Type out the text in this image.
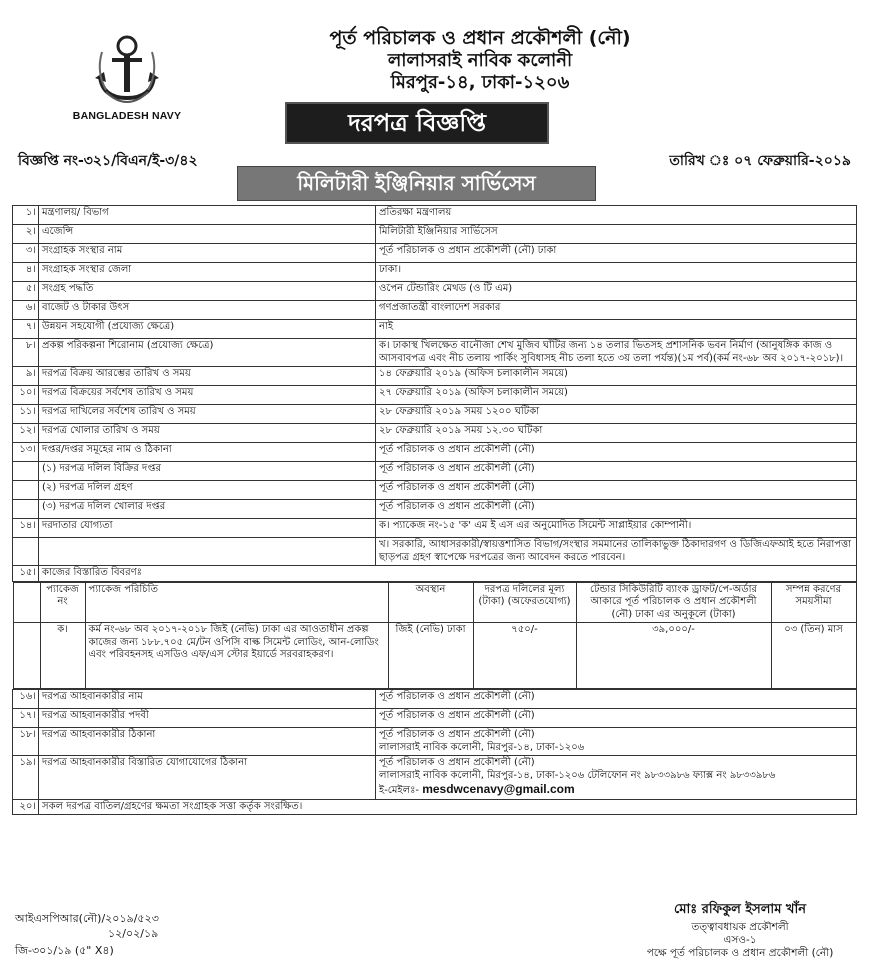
BANGLADESH NAVY
পূর্ত পরিচালক ও প্রধান প্রকৌশলী (নৌ)
লালাসরাই নাবিক কলোনী
মিরপুর-১৪, ঢাকা-১২০৬
দরপত্র বিজ্ঞপ্তি
বিজ্ঞপ্তি নং-৩২১/বিএন/ই-৩/৪২	তারিখ ঃ ০৭ ফেব্রুয়ারি-২০১৯
মিলিটারী ইঞ্জিনিয়ার সার্ভিসেস
১।	মন্ত্রণালয়/ বিভাগ	প্রতিরক্ষা মন্ত্রণালয়
২।	এজেন্সি	মিলিটারী ইঞ্জিনিয়ার সার্ভিসেস
৩।	সংগ্রাহক সংস্থার নাম	পূর্ত পরিচালক ও প্রধান প্রকৌশলী (নৌ) ঢাকা
৪।	সংগ্রাহক সংস্থার জেলা	ঢাকা।
৫।	সংগ্রহ পদ্ধতি	ওপেন টেন্ডারিং মেথড (ও টি এম)
৬।	বাজেট ও টাকার উৎস	গণপ্রজাতন্ত্রী বাংলাদেশ সরকার
৭।	উন্নয়ন সহযোগী (প্রযোজ্য ক্ষেত্রে)	নাই
৮।	প্রকল্প পরিকল্পনা শিরোনাম (প্রযোজ্য ক্ষেত্রে)	ক। ঢাকাস্থ খিলক্ষেত বানৌজা শেখ মুজিব ঘাঁটির জন্য ১৪ তলার ভিতসহ প্রশাসনিক ভবন নির্মাণ (আনুষঙ্গিক কাজ ও আসবাবপত্র এবং নীচ তলায় পার্কিং সুবিধাসহ নীচ তলা হতে ৩য় তলা পর্যন্ত)(১ম পর্ব)(কর্ম নং-৬৮ অব ২০১৭-২০১৮)।
৯।	দরপত্র বিক্রয় আরম্ভের তারিখ ও সময়	১৪ ফেব্রুয়ারি ২০১৯ (অফিস চলাকালীন সময়ে)
১০।	দরপত্র বিক্রয়ের সর্বশেষ তারিখ ও সময়	২৭ ফেব্রুয়ারি ২০১৯ (অফিস চলাকালীন সময়ে)
১১।	দরপত্র দাখিলের সর্বশেষ তারিখ ও সময়	২৮ ফেব্রুয়ারি ২০১৯ সময় ১২০০ ঘটিকা
১২।	দরপত্র খোলার তারিখ ও সময়	২৮ ফেব্রুয়ারি ২০১৯ সময় ১২.৩০ ঘটিকা
১৩।	দপ্তর/দপ্তর সমূহের নাম ও ঠিকানা	পূর্ত পরিচালক ও প্রধান প্রকৌশলী (নৌ)
	(১) দরপত্র দলিল বিক্রির দপ্তর	পূর্ত পরিচালক ও প্রধান প্রকৌশলী (নৌ)
	(২) দরপত্র দলিল গ্রহণ	পূর্ত পরিচালক ও প্রধান প্রকৌশলী (নৌ)
	(৩) দরপত্র দলিল খোলার দপ্তর	পূর্ত পরিচালক ও প্রধান প্রকৌশলী (নৌ)
১৪।	দরদাতার যোগ্যতা	ক। প্যাকেজ নং-১৫ 'ক' এম ই এস এর অনুমোদিত সিমেন্ট সাপ্লাইয়ার কোম্পানী।
		খ। সরকারি, আধাসরকারী/স্বায়ত্তশাসিত বিভাগ/সংস্থার সমমানের তালিকাভুক্ত ঠিকাদারগণ ও ডিজিএফআই হতে নিরাপত্তা ছাড়পত্র গ্রহণ স্বাপেক্ষে দরপত্রের জন্য আবেদন করতে পারবেন।
১৫।	কাজের বিস্তারিত বিবরণঃ

	প্যাকেজ নং	প্যাকেজ পরিচিতি	অবস্থান	দরপত্র দলিলের মূল্য (টাকা) (অফেরতযোগ্য)	টেন্ডার সিকিউরিটি ব্যাংক ড্রাফট/পে-অর্ডার আকারে পূর্ত পরিচালক ও প্রধান প্রকৌশলী (নৌ) ঢাকা এর অনুকূলে (টাকা)	সম্পন্ন করণের সময়সীমা
	ক।	কর্ম নং-৬৮ অব ২০১৭-২০১৮ জিই (নেভি) ঢাকা এর আওতাধীন প্রকল্প কাজের জন্য ১৮৮.৭০৫ মে/টন ওপিসি বাল্ক সিমেন্ট লোডিং, আন-লোডিং এবং পরিবহনসহ এসডিও এফ/এস স্টোর ইয়ার্ডে সরবরাহকরণ।	জিই (নেভি) ঢাকা	৭৫০/-	৩৯,০০০/-	০৩ (তিন) মাস

১৬।	দরপত্র আহবানকারীর নাম	পূর্ত পরিচালক ও প্রধান প্রকৌশলী (নৌ)
১৭।	দরপত্র আহবানকারীর পদবী	পূর্ত পরিচালক ও প্রধান প্রকৌশলী (নৌ)
১৮।	দরপত্র আহবানকারীর ঠিকানা	পূর্ত পরিচালক ও প্রধান প্রকৌশলী (নৌ)
লালাসরাই নাবিক কলোনী, মিরপুর-১৪, ঢাকা-১২০৬

১৯।	দরপত্র আহবানকারীর বিস্তারিত যোগাযোগের ঠিকানা	পূর্ত পরিচালক ও প্রধান প্রকৌশলী (নৌ)
লালাসরাই নাবিক কলোনী, মিরপুর-১৪, ঢাকা-১২০৬ টেলিফোন নং ৯৮৩৩৯৮৬ ফ্যাক্স নং ৯৮৩৩৯৮৬
ই-মেইলঃ- mesdwcenavy@gmail.com

২০।	সকল দরপত্র বাতিল/গ্রহণের ক্ষমতা সংগ্রাহক সত্তা কর্তৃক সংরক্ষিত।
আইএসপিআর(নৌ)/২০১৯/৫২৩
১২/০২/১৯
জি-৩০১/১৯ (৫" X৪)
মোঃ রফিকুল ইসলাম খাঁন
তত্ত্বাবধায়ক প্রকৌশলী
এসও-১
পক্ষে পূর্ত পরিচালক ও প্রধান প্রকৌশলী (নৌ)
